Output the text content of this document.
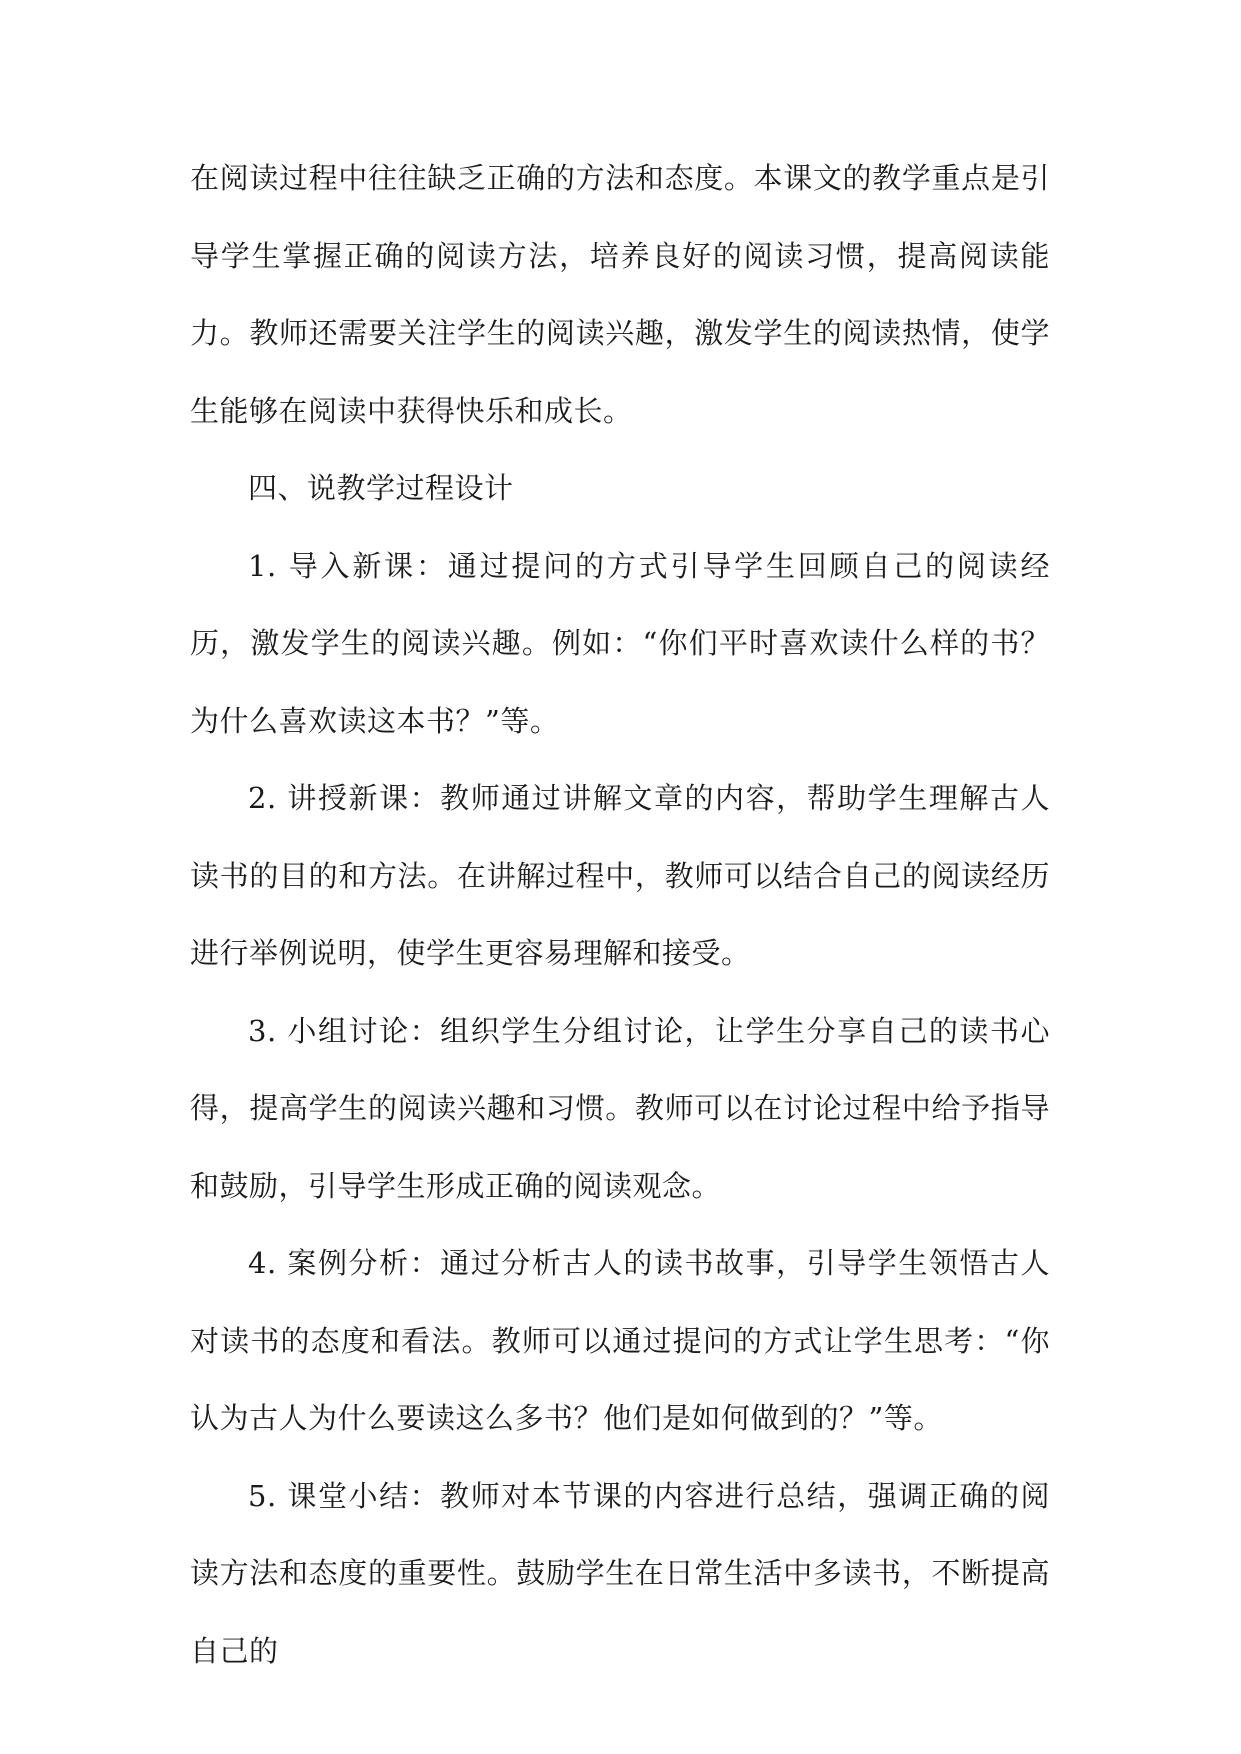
在阅读过程中往往缺乏正确的方法和态度。本课文的教学重点是引导学生掌握正确的阅读方法，培养良好的阅读习惯，提高阅读能力。教师还需要关注学生的阅读兴趣，激发学生的阅读热情，使学生能够在阅读中获得快乐和成长。

四、说教学过程设计

1. 导入新课：通过提问的方式引导学生回顾自己的阅读经历，激发学生的阅读兴趣。例如：“你们平时喜欢读什么样的书？为什么喜欢读这本书？”等。

2. 讲授新课：教师通过讲解文章的内容，帮助学生理解古人读书的目的和方法。在讲解过程中，教师可以结合自己的阅读经历进行举例说明，使学生更容易理解和接受。

3. 小组讨论：组织学生分组讨论，让学生分享自己的读书心得，提高学生的阅读兴趣和习惯。教师可以在讨论过程中给予指导和鼓励，引导学生形成正确的阅读观念。

4. 案例分析：通过分析古人的读书故事，引导学生领悟古人对读书的态度和看法。教师可以通过提问的方式让学生思考：“你认为古人为什么要读这么多书？他们是如何做到的？”等。

5. 课堂小结：教师对本节课的内容进行总结，强调正确的阅读方法和态度的重要性。鼓励学生在日常生活中多读书，不断提高自己的
